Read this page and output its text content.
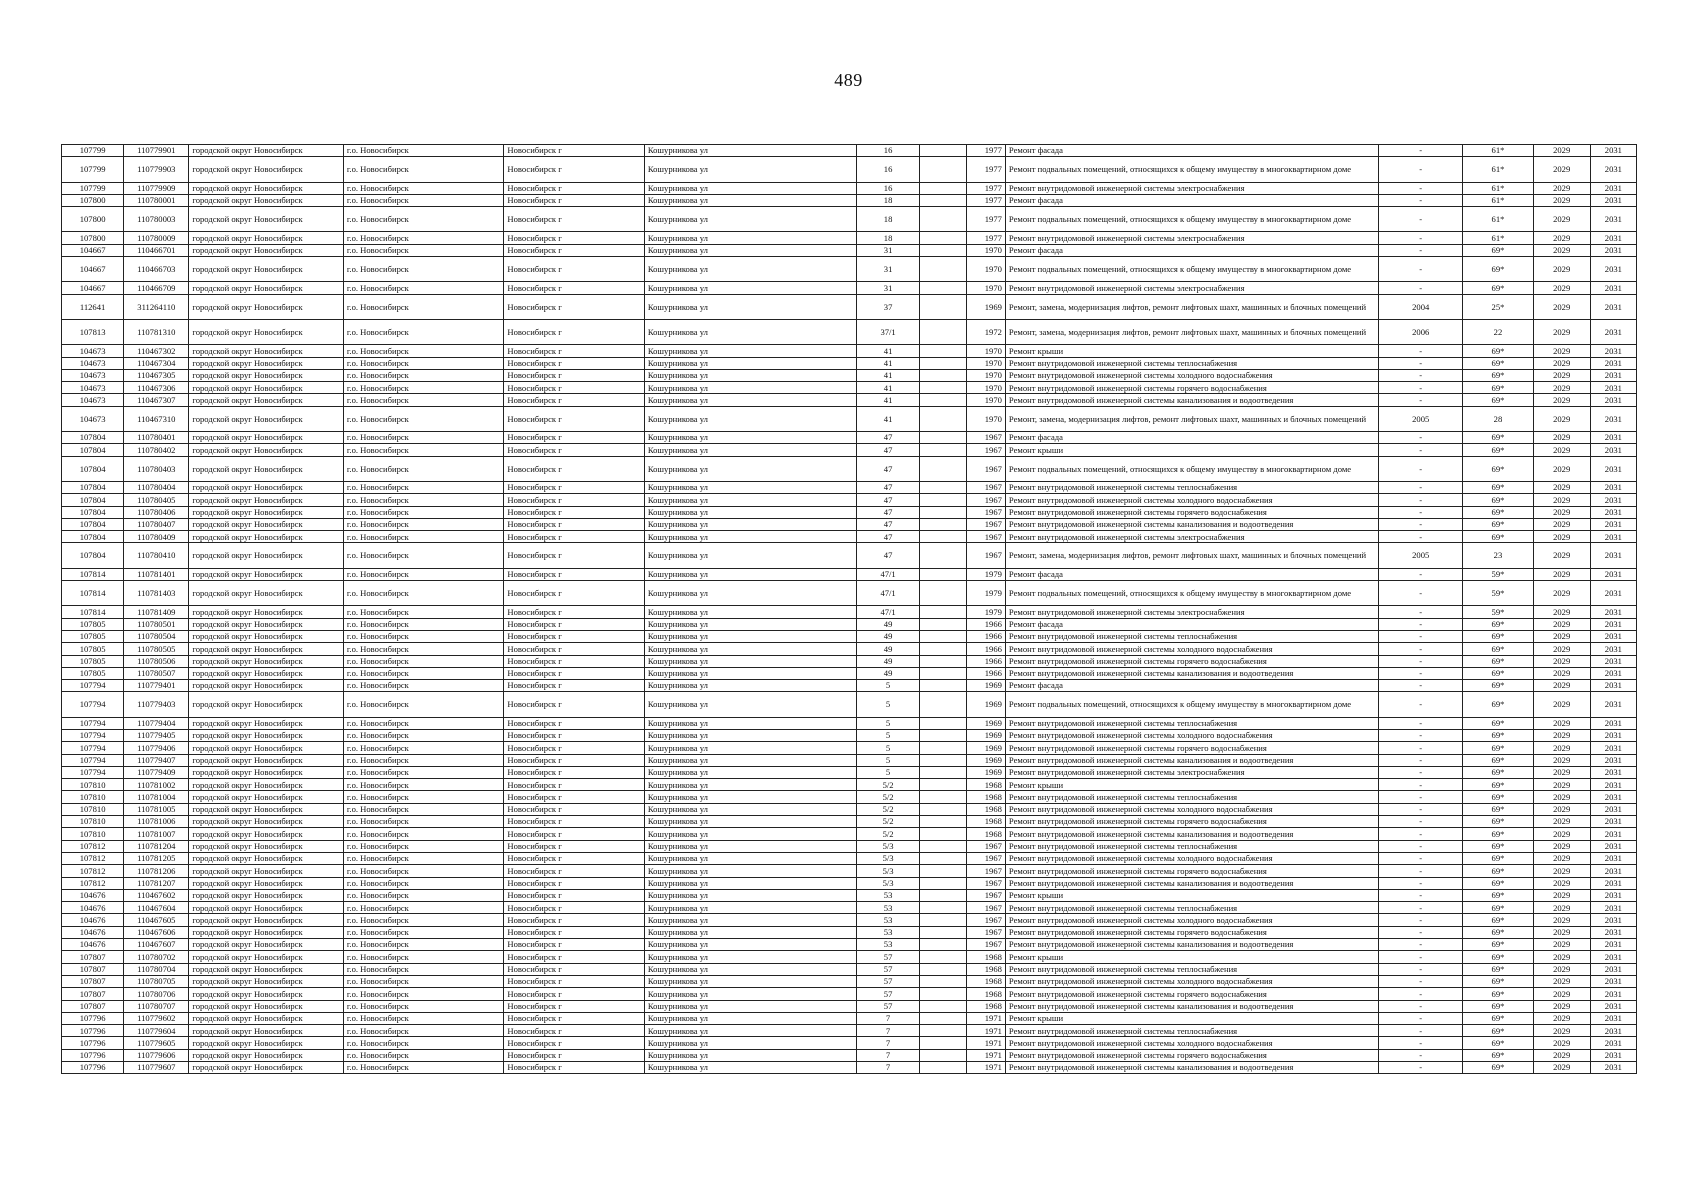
489
107799	110779901	городской округ Новосибирск	г.о. Новосибирск	Новосибирск г	Кошурникова ул	16		1977	Ремонт фасада	-	61*	2029	2031
107799	110779903	городской округ Новосибирск	г.о. Новосибирск	Новосибирск г	Кошурникова ул	16		1977	Ремонт подвальных помещений, относящихся к общему имуществу в многоквартирном доме	-	61*	2029	2031
107799	110779909	городской округ Новосибирск	г.о. Новосибирск	Новосибирск г	Кошурникова ул	16		1977	Ремонт внутридомовой инженерной системы электроснабжения	-	61*	2029	2031
107800	110780001	городской округ Новосибирск	г.о. Новосибирск	Новосибирск г	Кошурникова ул	18		1977	Ремонт фасада	-	61*	2029	2031
107800	110780003	городской округ Новосибирск	г.о. Новосибирск	Новосибирск г	Кошурникова ул	18		1977	Ремонт подвальных помещений, относящихся к общему имуществу в многоквартирном доме	-	61*	2029	2031
107800	110780009	городской округ Новосибирск	г.о. Новосибирск	Новосибирск г	Кошурникова ул	18		1977	Ремонт внутридомовой инженерной системы электроснабжения	-	61*	2029	2031
104667	110466701	городской округ Новосибирск	г.о. Новосибирск	Новосибирск г	Кошурникова ул	31		1970	Ремонт фасада	-	69*	2029	2031
104667	110466703	городской округ Новосибирск	г.о. Новосибирск	Новосибирск г	Кошурникова ул	31		1970	Ремонт подвальных помещений, относящихся к общему имуществу в многоквартирном доме	-	69*	2029	2031
104667	110466709	городской округ Новосибирск	г.о. Новосибирск	Новосибирск г	Кошурникова ул	31		1970	Ремонт внутридомовой инженерной системы электроснабжения	-	69*	2029	2031
112641	311264110	городской округ Новосибирск	г.о. Новосибирск	Новосибирск г	Кошурникова ул	37		1969	Ремонт, замена, модернизация лифтов, ремонт лифтовых шахт, машинных и блочных помещений	2004	25*	2029	2031
107813	110781310	городской округ Новосибирск	г.о. Новосибирск	Новосибирск г	Кошурникова ул	37/1		1972	Ремонт, замена, модернизация лифтов, ремонт лифтовых шахт, машинных и блочных помещений	2006	22	2029	2031
104673	110467302	городской округ Новосибирск	г.о. Новосибирск	Новосибирск г	Кошурникова ул	41		1970	Ремонт крыши	-	69*	2029	2031
104673	110467304	городской округ Новосибирск	г.о. Новосибирск	Новосибирск г	Кошурникова ул	41		1970	Ремонт внутридомовой инженерной системы теплоснабжения	-	69*	2029	2031
104673	110467305	городской округ Новосибирск	г.о. Новосибирск	Новосибирск г	Кошурникова ул	41		1970	Ремонт внутридомовой инженерной системы холодного водоснабжения	-	69*	2029	2031
104673	110467306	городской округ Новосибирск	г.о. Новосибирск	Новосибирск г	Кошурникова ул	41		1970	Ремонт внутридомовой инженерной системы горячего водоснабжения	-	69*	2029	2031
104673	110467307	городской округ Новосибирск	г.о. Новосибирск	Новосибирск г	Кошурникова ул	41		1970	Ремонт внутридомовой инженерной системы канализования и водоотведения	-	69*	2029	2031
104673	110467310	городской округ Новосибирск	г.о. Новосибирск	Новосибирск г	Кошурникова ул	41		1970	Ремонт, замена, модернизация лифтов, ремонт лифтовых шахт, машинных и блочных помещений	2005	28	2029	2031
107804	110780401	городской округ Новосибирск	г.о. Новосибирск	Новосибирск г	Кошурникова ул	47		1967	Ремонт фасада	-	69*	2029	2031
107804	110780402	городской округ Новосибирск	г.о. Новосибирск	Новосибирск г	Кошурникова ул	47		1967	Ремонт крыши	-	69*	2029	2031
107804	110780403	городской округ Новосибирск	г.о. Новосибирск	Новосибирск г	Кошурникова ул	47		1967	Ремонт подвальных помещений, относящихся к общему имуществу в многоквартирном доме	-	69*	2029	2031
107804	110780404	городской округ Новосибирск	г.о. Новосибирск	Новосибирск г	Кошурникова ул	47		1967	Ремонт внутридомовой инженерной системы теплоснабжения	-	69*	2029	2031
107804	110780405	городской округ Новосибирск	г.о. Новосибирск	Новосибирск г	Кошурникова ул	47		1967	Ремонт внутридомовой инженерной системы холодного водоснабжения	-	69*	2029	2031
107804	110780406	городской округ Новосибирск	г.о. Новосибирск	Новосибирск г	Кошурникова ул	47		1967	Ремонт внутридомовой инженерной системы горячего водоснабжения	-	69*	2029	2031
107804	110780407	городской округ Новосибирск	г.о. Новосибирск	Новосибирск г	Кошурникова ул	47		1967	Ремонт внутридомовой инженерной системы канализования и водоотведения	-	69*	2029	2031
107804	110780409	городской округ Новосибирск	г.о. Новосибирск	Новосибирск г	Кошурникова ул	47		1967	Ремонт внутридомовой инженерной системы электроснабжения	-	69*	2029	2031
107804	110780410	городской округ Новосибирск	г.о. Новосибирск	Новосибирск г	Кошурникова ул	47		1967	Ремонт, замена, модернизация лифтов, ремонт лифтовых шахт, машинных и блочных помещений	2005	23	2029	2031
107814	110781401	городской округ Новосибирск	г.о. Новосибирск	Новосибирск г	Кошурникова ул	47/1		1979	Ремонт фасада	-	59*	2029	2031
107814	110781403	городской округ Новосибирск	г.о. Новосибирск	Новосибирск г	Кошурникова ул	47/1		1979	Ремонт подвальных помещений, относящихся к общему имуществу в многоквартирном доме	-	59*	2029	2031
107814	110781409	городской округ Новосибирск	г.о. Новосибирск	Новосибирск г	Кошурникова ул	47/1		1979	Ремонт внутридомовой инженерной системы электроснабжения	-	59*	2029	2031
107805	110780501	городской округ Новосибирск	г.о. Новосибирск	Новосибирск г	Кошурникова ул	49		1966	Ремонт фасада	-	69*	2029	2031
107805	110780504	городской округ Новосибирск	г.о. Новосибирск	Новосибирск г	Кошурникова ул	49		1966	Ремонт внутридомовой инженерной системы теплоснабжения	-	69*	2029	2031
107805	110780505	городской округ Новосибирск	г.о. Новосибирск	Новосибирск г	Кошурникова ул	49		1966	Ремонт внутридомовой инженерной системы холодного водоснабжения	-	69*	2029	2031
107805	110780506	городской округ Новосибирск	г.о. Новосибирск	Новосибирск г	Кошурникова ул	49		1966	Ремонт внутридомовой инженерной системы горячего водоснабжения	-	69*	2029	2031
107805	110780507	городской округ Новосибирск	г.о. Новосибирск	Новосибирск г	Кошурникова ул	49		1966	Ремонт внутридомовой инженерной системы канализования и водоотведения	-	69*	2029	2031
107794	110779401	городской округ Новосибирск	г.о. Новосибирск	Новосибирск г	Кошурникова ул	5		1969	Ремонт фасада	-	69*	2029	2031
107794	110779403	городской округ Новосибирск	г.о. Новосибирск	Новосибирск г	Кошурникова ул	5		1969	Ремонт подвальных помещений, относящихся к общему имуществу в многоквартирном доме	-	69*	2029	2031
107794	110779404	городской округ Новосибирск	г.о. Новосибирск	Новосибирск г	Кошурникова ул	5		1969	Ремонт внутридомовой инженерной системы теплоснабжения	-	69*	2029	2031
107794	110779405	городской округ Новосибирск	г.о. Новосибирск	Новосибирск г	Кошурникова ул	5		1969	Ремонт внутридомовой инженерной системы холодного водоснабжения	-	69*	2029	2031
107794	110779406	городской округ Новосибирск	г.о. Новосибирск	Новосибирск г	Кошурникова ул	5		1969	Ремонт внутридомовой инженерной системы горячего водоснабжения	-	69*	2029	2031
107794	110779407	городской округ Новосибирск	г.о. Новосибирск	Новосибирск г	Кошурникова ул	5		1969	Ремонт внутридомовой инженерной системы канализования и водоотведения	-	69*	2029	2031
107794	110779409	городской округ Новосибирск	г.о. Новосибирск	Новосибирск г	Кошурникова ул	5		1969	Ремонт внутридомовой инженерной системы электроснабжения	-	69*	2029	2031
107810	110781002	городской округ Новосибирск	г.о. Новосибирск	Новосибирск г	Кошурникова ул	5/2		1968	Ремонт крыши	-	69*	2029	2031
107810	110781004	городской округ Новосибирск	г.о. Новосибирск	Новосибирск г	Кошурникова ул	5/2		1968	Ремонт внутридомовой инженерной системы теплоснабжения	-	69*	2029	2031
107810	110781005	городской округ Новосибирск	г.о. Новосибирск	Новосибирск г	Кошурникова ул	5/2		1968	Ремонт внутридомовой инженерной системы холодного водоснабжения	-	69*	2029	2031
107810	110781006	городской округ Новосибирск	г.о. Новосибирск	Новосибирск г	Кошурникова ул	5/2		1968	Ремонт внутридомовой инженерной системы горячего водоснабжения	-	69*	2029	2031
107810	110781007	городской округ Новосибирск	г.о. Новосибирск	Новосибирск г	Кошурникова ул	5/2		1968	Ремонт внутридомовой инженерной системы канализования и водоотведения	-	69*	2029	2031
107812	110781204	городской округ Новосибирск	г.о. Новосибирск	Новосибирск г	Кошурникова ул	5/3		1967	Ремонт внутридомовой инженерной системы теплоснабжения	-	69*	2029	2031
107812	110781205	городской округ Новосибирск	г.о. Новосибирск	Новосибирск г	Кошурникова ул	5/3		1967	Ремонт внутридомовой инженерной системы холодного водоснабжения	-	69*	2029	2031
107812	110781206	городской округ Новосибирск	г.о. Новосибирск	Новосибирск г	Кошурникова ул	5/3		1967	Ремонт внутридомовой инженерной системы горячего водоснабжения	-	69*	2029	2031
107812	110781207	городской округ Новосибирск	г.о. Новосибирск	Новосибирск г	Кошурникова ул	5/3		1967	Ремонт внутридомовой инженерной системы канализования и водоотведения	-	69*	2029	2031
104676	110467602	городской округ Новосибирск	г.о. Новосибирск	Новосибирск г	Кошурникова ул	53		1967	Ремонт крыши	-	69*	2029	2031
104676	110467604	городской округ Новосибирск	г.о. Новосибирск	Новосибирск г	Кошурникова ул	53		1967	Ремонт внутридомовой инженерной системы теплоснабжения	-	69*	2029	2031
104676	110467605	городской округ Новосибирск	г.о. Новосибирск	Новосибирск г	Кошурникова ул	53		1967	Ремонт внутридомовой инженерной системы холодного водоснабжения	-	69*	2029	2031
104676	110467606	городской округ Новосибирск	г.о. Новосибирск	Новосибирск г	Кошурникова ул	53		1967	Ремонт внутридомовой инженерной системы горячего водоснабжения	-	69*	2029	2031
104676	110467607	городской округ Новосибирск	г.о. Новосибирск	Новосибирск г	Кошурникова ул	53		1967	Ремонт внутридомовой инженерной системы канализования и водоотведения	-	69*	2029	2031
107807	110780702	городской округ Новосибирск	г.о. Новосибирск	Новосибирск г	Кошурникова ул	57		1968	Ремонт крыши	-	69*	2029	2031
107807	110780704	городской округ Новосибирск	г.о. Новосибирск	Новосибирск г	Кошурникова ул	57		1968	Ремонт внутридомовой инженерной системы теплоснабжения	-	69*	2029	2031
107807	110780705	городской округ Новосибирск	г.о. Новосибирск	Новосибирск г	Кошурникова ул	57		1968	Ремонт внутридомовой инженерной системы холодного водоснабжения	-	69*	2029	2031
107807	110780706	городской округ Новосибирск	г.о. Новосибирск	Новосибирск г	Кошурникова ул	57		1968	Ремонт внутридомовой инженерной системы горячего водоснабжения	-	69*	2029	2031
107807	110780707	городской округ Новосибирск	г.о. Новосибирск	Новосибирск г	Кошурникова ул	57		1968	Ремонт внутридомовой инженерной системы канализования и водоотведения	-	69*	2029	2031
107796	110779602	городской округ Новосибирск	г.о. Новосибирск	Новосибирск г	Кошурникова ул	7		1971	Ремонт крыши	-	69*	2029	2031
107796	110779604	городской округ Новосибирск	г.о. Новосибирск	Новосибирск г	Кошурникова ул	7		1971	Ремонт внутридомовой инженерной системы теплоснабжения	-	69*	2029	2031
107796	110779605	городской округ Новосибирск	г.о. Новосибирск	Новосибирск г	Кошурникова ул	7		1971	Ремонт внутридомовой инженерной системы холодного водоснабжения	-	69*	2029	2031
107796	110779606	городской округ Новосибирск	г.о. Новосибирск	Новосибирск г	Кошурникова ул	7		1971	Ремонт внутридомовой инженерной системы горячего водоснабжения	-	69*	2029	2031
107796	110779607	городской округ Новосибирск	г.о. Новосибирск	Новосибирск г	Кошурникова ул	7		1971	Ремонт внутридомовой инженерной системы канализования и водоотведения	-	69*	2029	2031
